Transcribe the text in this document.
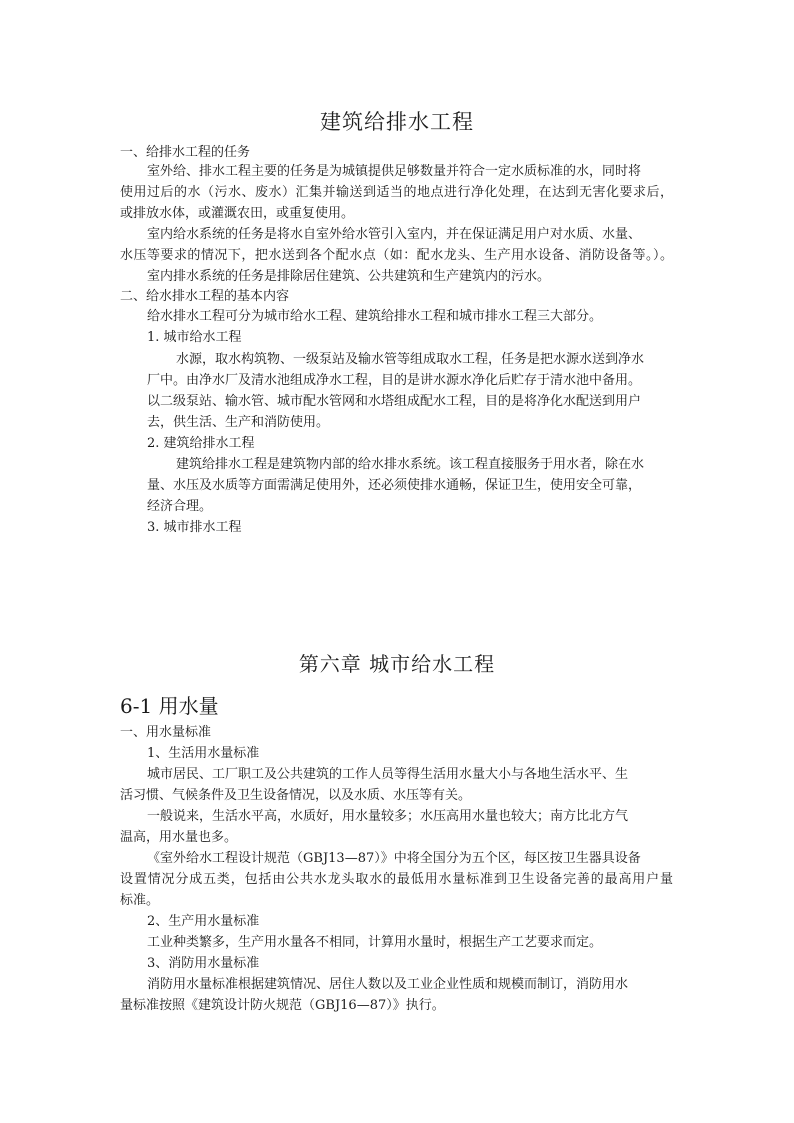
建筑给排水工程
一、给排水工程的任务
室外给、排水工程主要的任务是为城镇提供足够数量并符合一定水质标准的水，同时将
使用过后的水（污水、废水）汇集并输送到适当的地点进行净化处理，在达到无害化要求后，
或排放水体，或灌溉农田，或重复使用。
室内给水系统的任务是将水自室外给水管引入室内，并在保证满足用户对水质、水量、
水压等要求的情况下，把水送到各个配水点（如：配水龙头、生产用水设备、消防设备等。）。
室内排水系统的任务是排除居住建筑、公共建筑和生产建筑内的污水。
二、给水排水工程的基本内容
给水排水工程可分为城市给水工程、建筑给排水工程和城市排水工程三大部分。
1. 城市给水工程
水源，取水构筑物、一级泵站及输水管等组成取水工程，任务是把水源水送到净水
厂中。由净水厂及清水池组成净水工程，目的是讲水源水净化后贮存于清水池中备用。
以二级泵站、输水管、城市配水管网和水塔组成配水工程，目的是将净化水配送到用户
去，供生活、生产和消防使用。
2. 建筑给排水工程
建筑给排水工程是建筑物内部的给水排水系统。该工程直接服务于用水者，除在水
量、水压及水质等方面需满足使用外，还必须使排水通畅，保证卫生，使用安全可靠，
经济合理。
3. 城市排水工程
第六章 城市给水工程
6-1 用水量
一、用水量标准
1、生活用水量标准
城市居民、工厂职工及公共建筑的工作人员等得生活用水量大小与各地生活水平、生
活习惯、气候条件及卫生设备情况，以及水质、水压等有关。
一般说来，生活水平高，水质好，用水量较多；水压高用水量也较大；南方比北方气
温高，用水量也多。
《室外给水工程设计规范（GBJ13—87）》中将全国分为五个区，每区按卫生器具设备
设置情况分成五类，包括由公共水龙头取水的最低用水量标准到卫生设备完善的最高用户量
标准。
2、生产用水量标准
工业种类繁多，生产用水量各不相同，计算用水量时，根据生产工艺要求而定。
3、消防用水量标准
消防用水量标准根据建筑情况、居住人数以及工业企业性质和规模而制订，消防用水
量标准按照《建筑设计防火规范（GBJ16—87）》执行。
